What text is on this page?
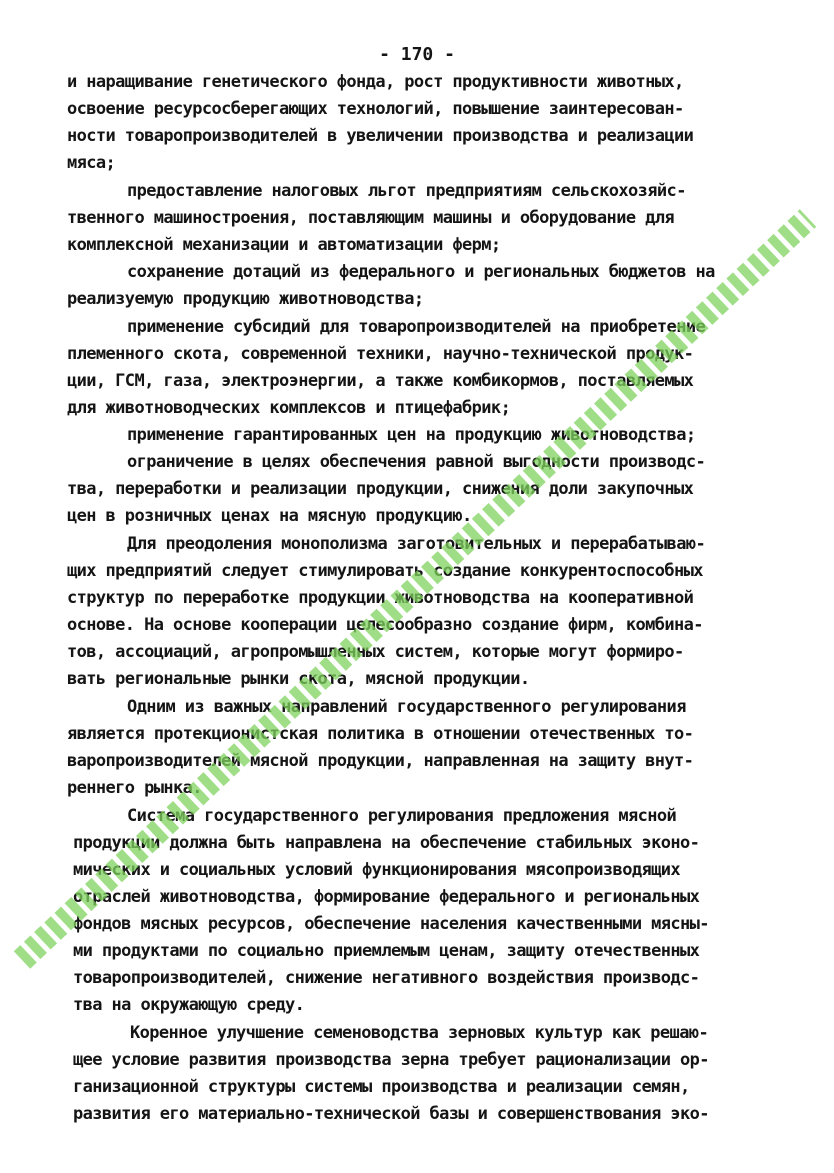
- 170 -
и наращивание генетического фонда, рост продуктивности животных,
освоение ресурсосберегающих технологий, повышение заинтересован-
ности товаропроизводителей в увеличении производства и реализации
мяса;
предоставление налоговых льгот предприятиям сельскохозяйс-
твенного машиностроения, поставляющим машины и оборудование для
комплексной механизации и автоматизации ферм;
сохранение дотаций из федерального и региональных бюджетов на
реализуемую продукцию животноводства;
применение субсидий для товаропроизводителей на приобретение
племенного скота, современной техники, научно-технической продук-
ции, ГСМ, газа, электроэнергии, а также комбикормов, поставляемых
для животноводческих комплексов и птицефабрик;
применение гарантированных цен на продукцию животноводства;
ограничение в целях обеспечения равной выгодности производс-
тва, переработки и реализации продукции, снижения доли закупочных
цен в розничных ценах на мясную продукцию.
Для преодоления монополизма заготовительных и перерабатываю-
щих предприятий следует стимулировать создание конкурентоспособных
структур по переработке продукции животноводства на кооперативной
основе. На основе кооперации целесообразно создание фирм, комбина-
тов, ассоциаций, агропромышленных систем, которые могут формиро-
вать региональные рынки скота, мясной продукции.
Одним из важных направлений государственного регулирования
является протекционистская политика в отношении отечественных то-
варопроизводителей мясной продукции, направленная на защиту внут-
реннего рынка.
Система государственного регулирования предложения мясной
продукции должна быть направлена на обеспечение стабильных эконо-
мических и социальных условий функционирования мясопроизводящих
отраслей животноводства, формирование федерального и региональных
фондов мясных ресурсов, обеспечение населения качественными мясны-
ми продуктами по социально приемлемым ценам, защиту отечественных
товаропроизводителей, снижение негативного воздействия производс-
тва на окружающую среду.
Коренное улучшение семеноводства зерновых культур как решаю-
щее условие развития производства зерна требует рационализации ор-
ганизационной структуры системы производства и реализации семян,
развития его материально-технической базы и совершенствования эко-
